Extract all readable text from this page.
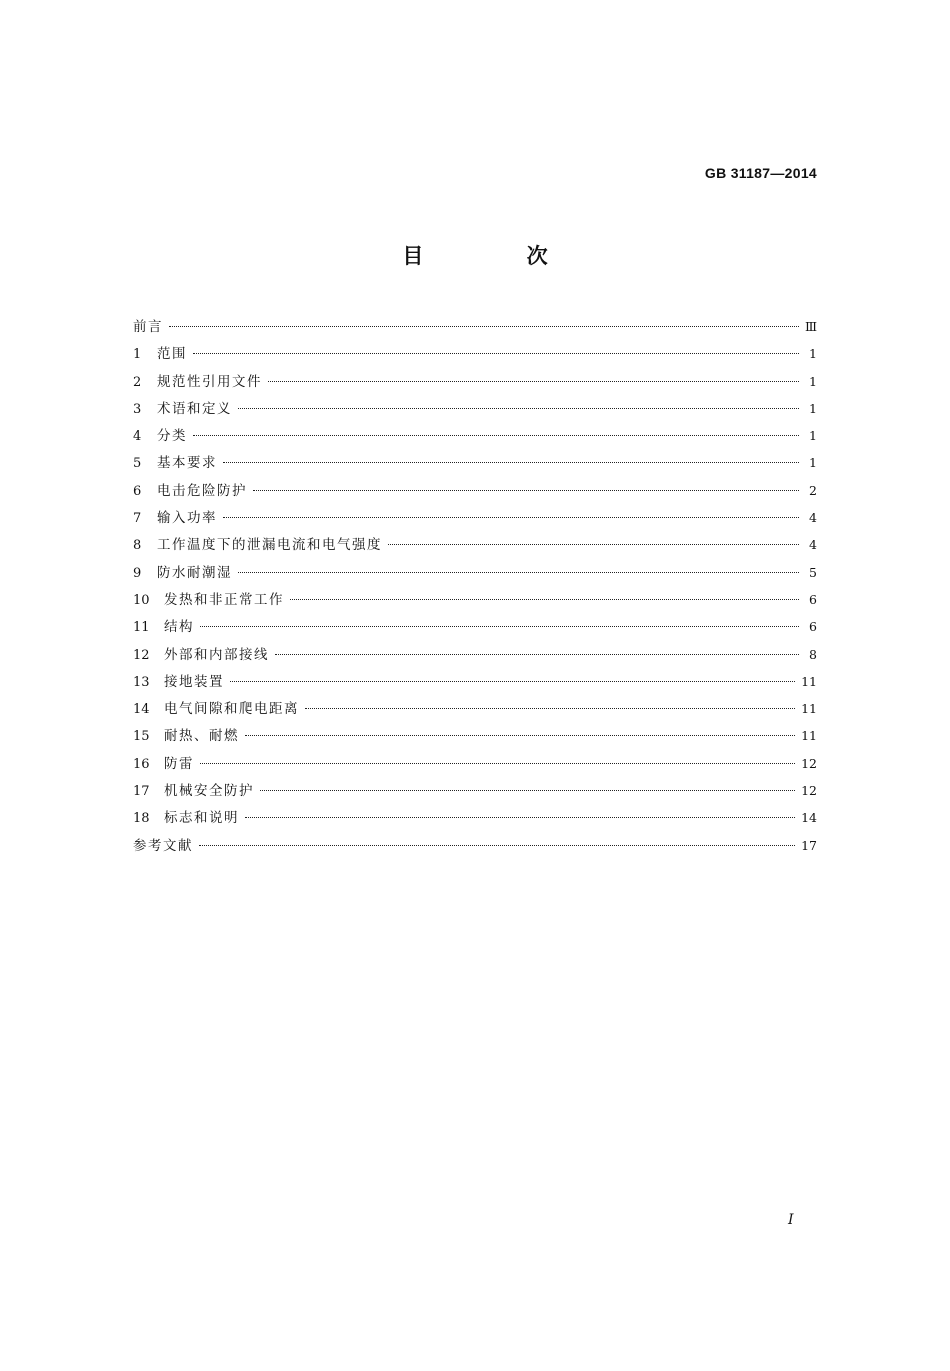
GB 31187—2014
目 次
前言	Ⅲ
1	范围	1
2	规范性引用文件	1
3	术语和定义	1
4	分类	1
5	基本要求	1
6	电击危险防护	2
7	输入功率	4
8	工作温度下的泄漏电流和电气强度	4
9	防水耐潮湿	5
10	发热和非正常工作	6
11	结构	6
12	外部和内部接线	8
13	接地装置	11
14	电气间隙和爬电距离	11
15	耐热、耐燃	11
16	防雷	12
17	机械安全防护	12
18	标志和说明	14
参考文献	17
I
